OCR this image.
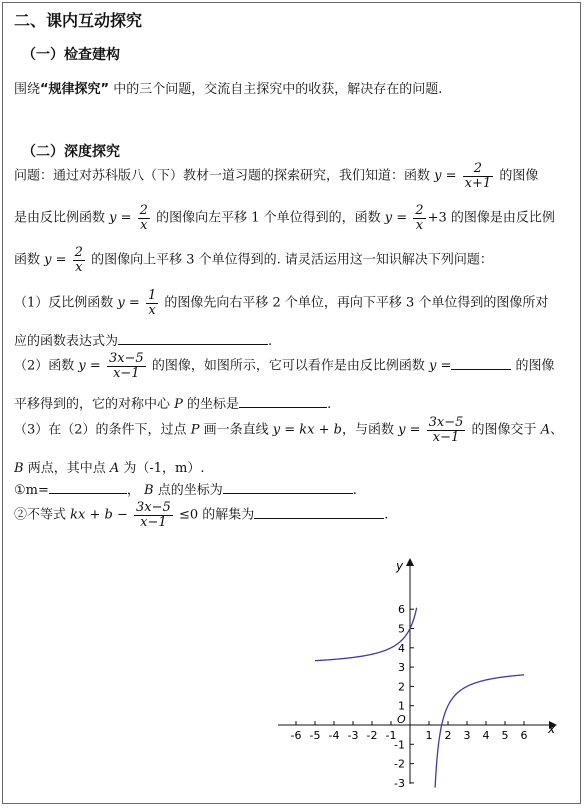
二、课内互动探究
（一）检查建构
围绕“规律探究” 中的三个问题，交流自主探究中的收获，解决存在的问题.
（二）深度探究
问题：通过对苏科版八（下）教材一道习题的探索研究，我们知道：函数 $y = \frac{2}{x+1}$ 的图像
是由反比例函数 $y = \frac{2}{x}$ 的图像向左平移 1 个单位得到的，函数 $y = \frac{2}{x} +3$ 的图像是由反比例
函数 $y = \frac{2}{x}$ 的图像向上平移 3 个单位得到的. 请灵活运用这一知识解决下列问题：
（1）反比例函数 $y = \frac{1}{x}$ 的图像先向右平移 2 个单位，再向下平移 3 个单位得到的图像所对
应的函数表达式为	.
（2）函数 $y = \frac{3x-5}{x-1}$ 的图像，如图所示，它可以看作是由反比例函数 y =	的图像
平移得到的，它的对称中心 P 的坐标是	.
（3）在（2）的条件下，过点 P 画一条直线 y = kx + b，与函数 $y = \frac{3x-5}{x-1}$ 的图像交于 A、
B 两点，其中点 A 为（-1，m）.
①m=	， B 点的坐标为	.
②不等式 kx + $b - \frac{3x-5}{x-1} \le 0$ 的解集为	.
-6 -5 -4 -3 -2 -1	1 2 3 4 5 6
6
5
4
3
2
1
-1
-2
-3
x
y
O
